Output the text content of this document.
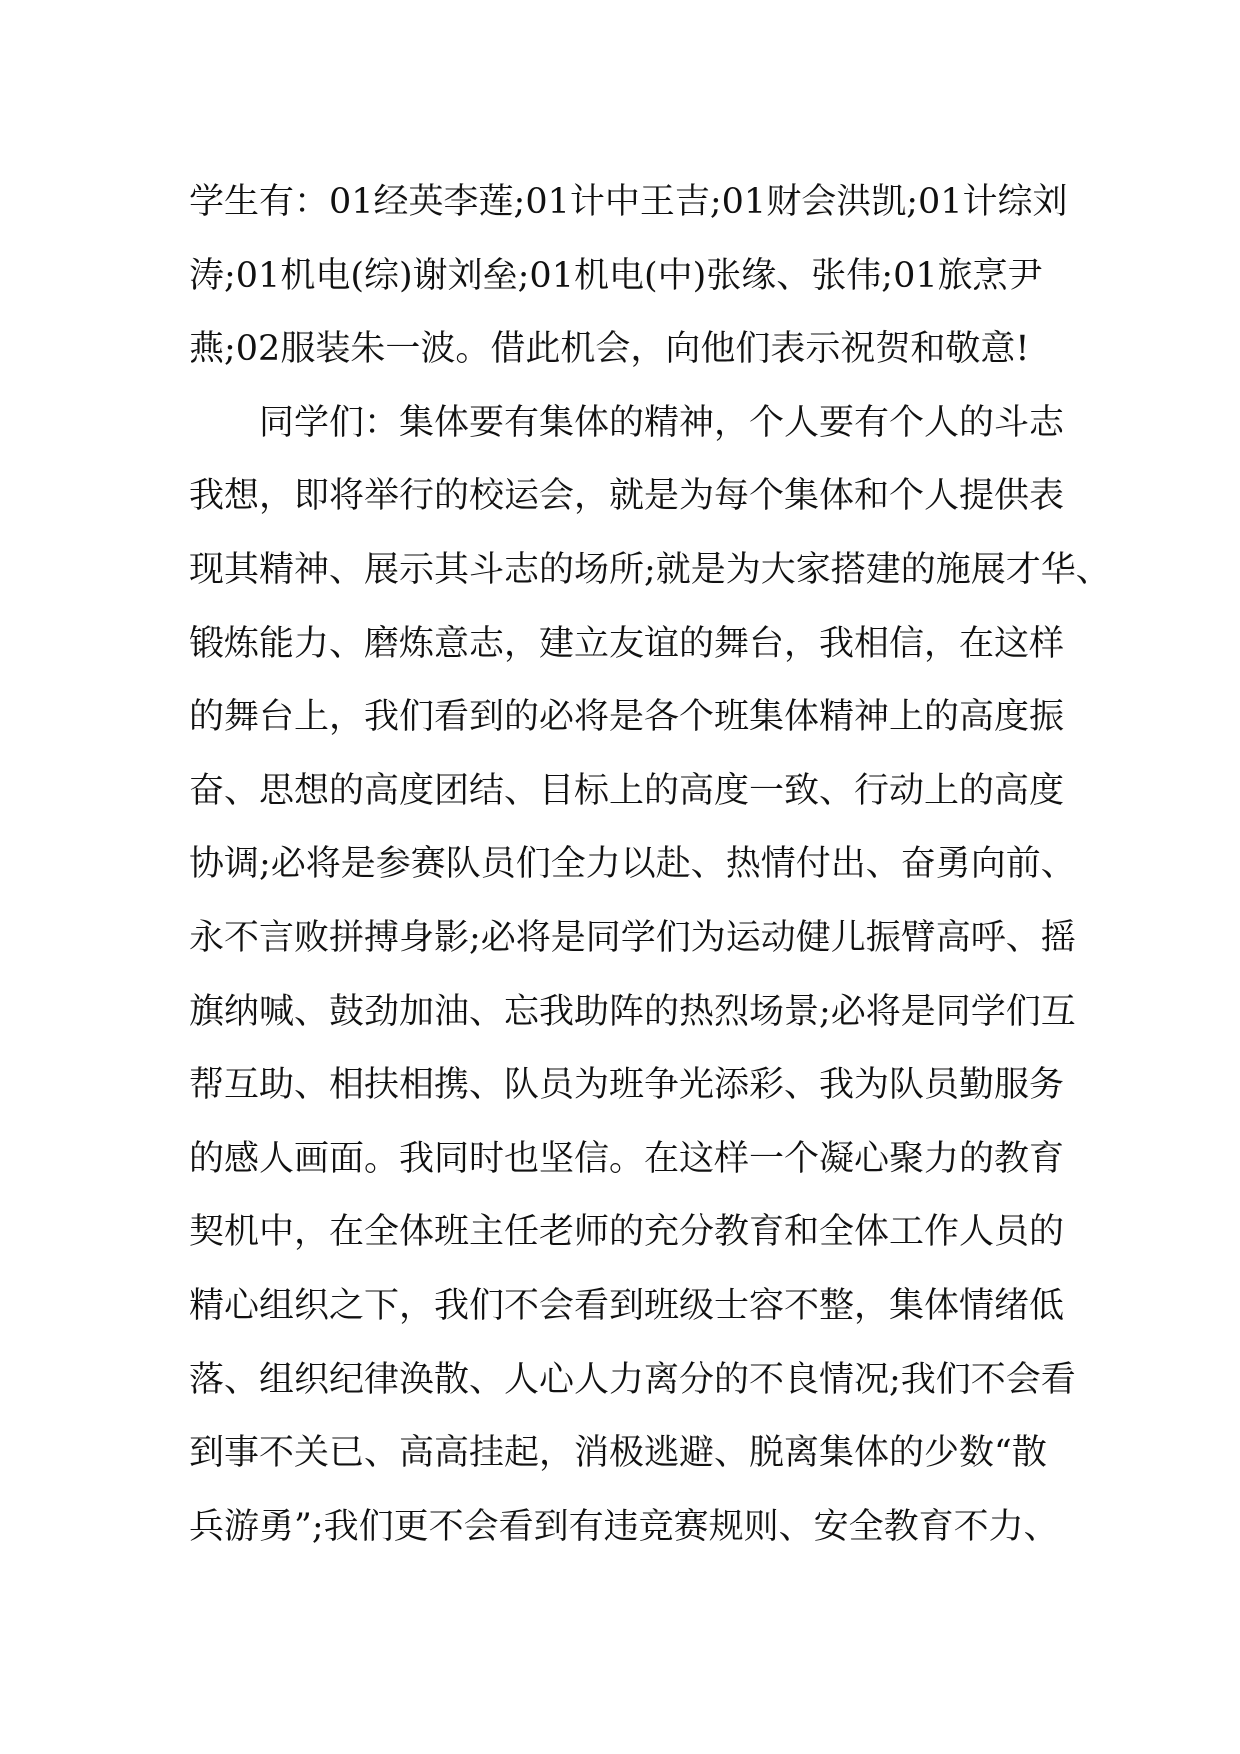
学生有：01经英李莲;01计中王吉;01财会洪凯;01计综刘
涛;01机电(综)谢刘垒;01机电(中)张缘、张伟;01旅烹尹
燕;02服装朱一波。借此机会，向他们表示祝贺和敬意!
　　同学们：集体要有集体的精神，个人要有个人的斗志
我想，即将举行的校运会，就是为每个集体和个人提供表
现其精神、展示其斗志的场所;就是为大家搭建的施展才华、
锻炼能力、磨炼意志，建立友谊的舞台，我相信，在这样
的舞台上，我们看到的必将是各个班集体精神上的高度振
奋、思想的高度团结、目标上的高度一致、行动上的高度
协调;必将是参赛队员们全力以赴、热情付出、奋勇向前、
永不言败拼搏身影;必将是同学们为运动健儿振臂高呼、摇
旗纳喊、鼓劲加油、忘我助阵的热烈场景;必将是同学们互
帮互助、相扶相携、队员为班争光添彩、我为队员勤服务
的感人画面。我同时也坚信。在这样一个凝心聚力的教育
契机中，在全体班主任老师的充分教育和全体工作人员的
精心组织之下，我们不会看到班级士容不整，集体情绪低
落、组织纪律涣散、人心人力离分的不良情况;我们不会看
到事不关已、高高挂起，消极逃避、脱离集体的少数“散
兵游勇”;我们更不会看到有违竞赛规则、安全教育不力、
